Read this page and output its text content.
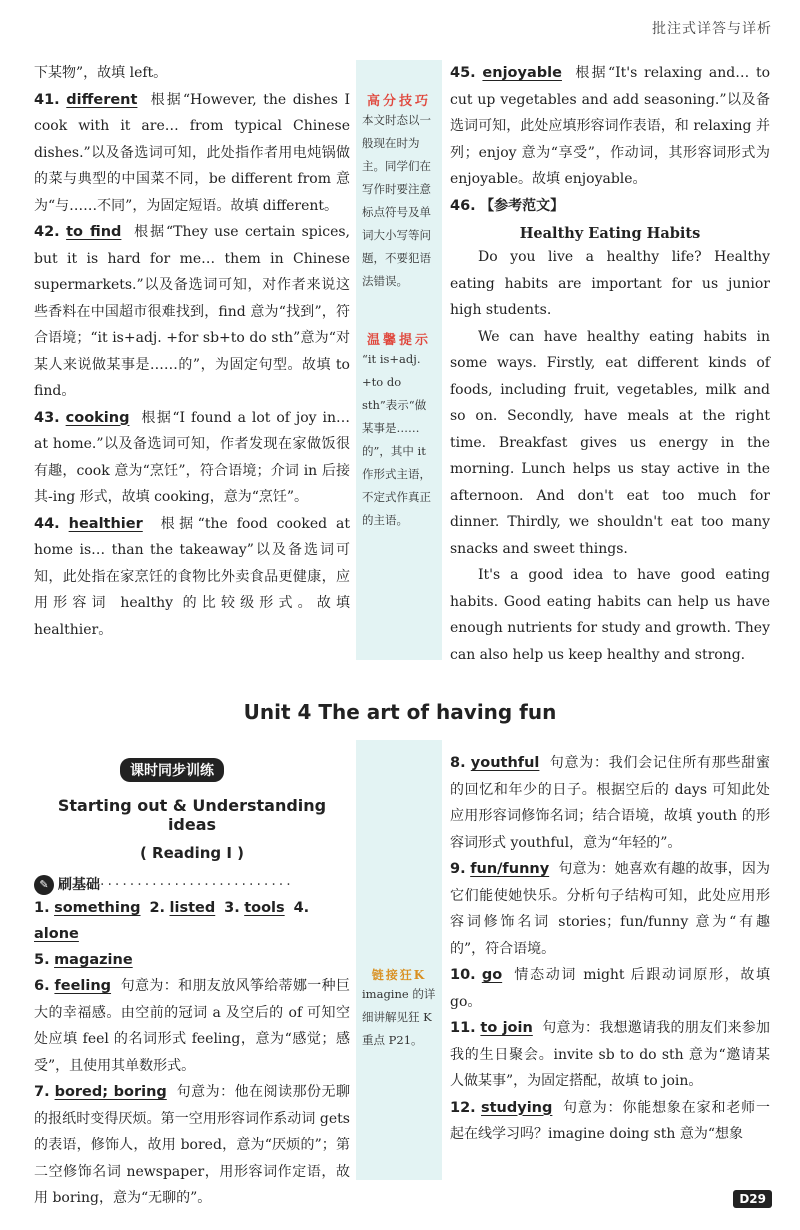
批注式详答与详析
高分技巧
本文时态以一般现在时为主。同学们在写作时要注意标点符号及单词大小写等问题，不要犯语法错误。
温馨提示
“it is+adj. +to do sth”表示“做某事是……的”，其中 it 作形式主语，不定式作真正的主语。
链接狂K
imagine 的详细讲解见狂 K 重点 P21。

下某物”，故填 left。

41. different 根据“However, the dishes I cook with it are… from typical Chinese dishes.”以及备选词可知，此处指作者用电炖锅做的菜与典型的中国菜不同，be different from 意为“与……不同”，为固定短语。故填 different。

42. to find 根据“They use certain spices, but it is hard for me… them in Chinese supermarkets.”以及备选词可知，对作者来说这些香料在中国超市很难找到，find 意为“找到”，符合语境；“it is+adj. +for sb+to do sth”意为“对某人来说做某事是……的”，为固定句型。故填 to find。

43. cooking 根据“I found a lot of joy in… at home.”以及备选词可知，作者发现在家做饭很有趣，cook 意为“烹饪”，符合语境；介词 in 后接其-ing 形式，故填 cooking，意为“烹饪”。

44. healthier 根据“the food cooked at home is… than the takeaway”以及备选词可知，此处指在家烹饪的食物比外卖食品更健康，应用形容词 healthy 的比较级形式。故填 healthier。

45. enjoyable 根据“It's relaxing and… to cut up vegetables and add seasoning.”以及备选词可知，此处应填形容词作表语，和 relaxing 并列；enjoy 意为“享受”，作动词，其形容词形式为 enjoyable。故填 enjoyable。

46. 【参考范文】

Healthy Eating Habits

Do you live a healthy life? Healthy eating habits are important for us junior high students.

We can have healthy eating habits in some ways. Firstly, eat different kinds of foods, including fruit, vegetables, milk and so on. Secondly, have meals at the right time. Breakfast gives us energy in the morning. Lunch helps us stay active in the afternoon. And don't eat too much for dinner. Thirdly, we shouldn't eat too many snacks and sweet things.

It's a good idea to have good eating habits. Good eating habits can help us have enough nutrients for study and growth. They can also help us keep healthy and strong.

Unit 4 The art of having fun
课时同步训练
Starting out & Understanding ideas
( Reading Ⅰ )
✎ 刷基础··························
1. something 2. listed 3. tools 4. alone
5. magazine

6. feeling 句意为：和朋友放风筝给蒂娜一种巨大的幸福感。由空前的冠词 a 及空后的 of 可知空处应填 feel 的名词形式 feeling，意为“感觉；感受”，且使用其单数形式。

7. bored; boring 句意为：他在阅读那份无聊的报纸时变得厌烦。第一空用形容词作系动词 gets 的表语，修饰人，故用 bored，意为“厌烦的”；第二空修饰名词 newspaper，用形容词作定语，故用 boring，意为“无聊的”。

8. youthful 句意为：我们会记住所有那些甜蜜的回忆和年少的日子。根据空后的 days 可知此处应用形容词修饰名词；结合语境，故填 youth 的形容词形式 youthful，意为“年轻的”。

9. fun/funny 句意为：她喜欢有趣的故事，因为它们能使她快乐。分析句子结构可知，此处应用形容词修饰名词 stories；fun/funny 意为“有趣的”，符合语境。

10. go 情态动词 might 后跟动词原形，故填 go。

11. to join 句意为：我想邀请我的朋友们来参加我的生日聚会。invite sb to do sth 意为“邀请某人做某事”，为固定搭配，故填 to join。

12. studying 句意为：你能想象在家和老师一起在线学习吗？imagine doing sth 意为“想象

D29
